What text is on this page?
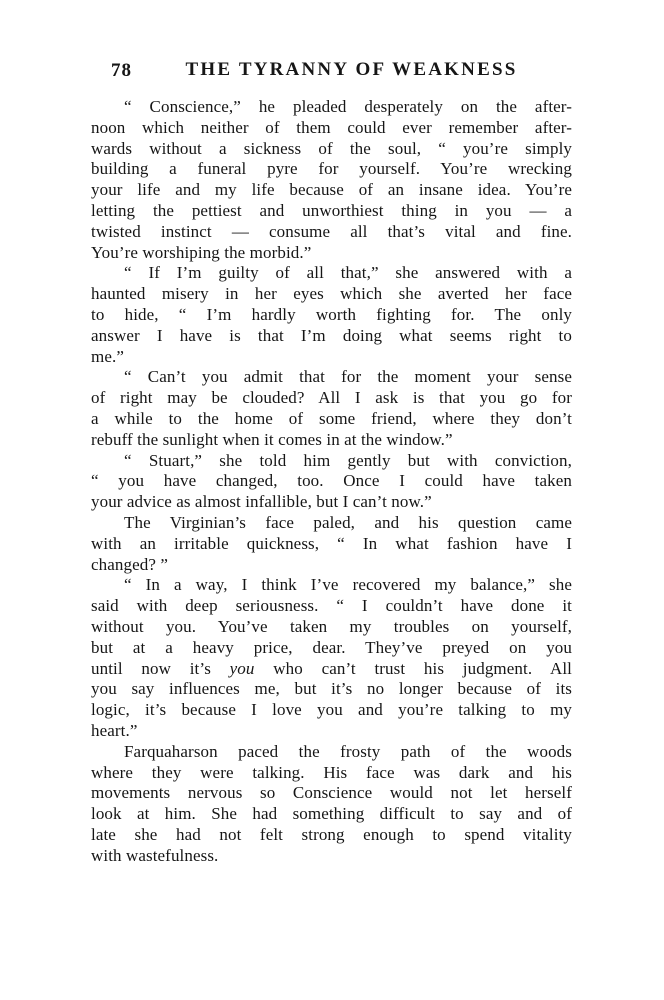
78	THE TYRANNY OF WEAKNESS
“ Conscience,” he pleaded desperately on the after-
noon which neither of them could ever remember after-
wards without a sickness of the soul, “ you’re simply
building a funeral pyre for yourself. You’re wrecking
your life and my life because of an insane idea. You’re
letting the pettiest and unworthiest thing in you — a
twisted instinct — consume all that’s vital and fine.
You’re worshiping the morbid.”
“ If I’m guilty of all that,” she answered with a
haunted misery in her eyes which she averted her face
to hide, “ I’m hardly worth fighting for. The only
answer I have is that I’m doing what seems right to
me.”
“ Can’t you admit that for the moment your sense
of right may be clouded? All I ask is that you go for
a while to the home of some friend, where they don’t
rebuff the sunlight when it comes in at the window.”
“ Stuart,” she told him gently but with conviction,
“ you have changed, too. Once I could have taken
your advice as almost infallible, but I can’t now.”
The Virginian’s face paled, and his question came
with an irritable quickness, “ In what fashion have I
changed? ”
“ In a way, I think I’ve recovered my balance,” she
said with deep seriousness. “ I couldn’t have done it
without you. You’ve taken my troubles on yourself,
but at a heavy price, dear. They’ve preyed on you
until now it’s you who can’t trust his judgment. All
you say influences me, but it’s no longer because of its
logic, it’s because I love you and you’re talking to my
heart.”
Farquaharson paced the frosty path of the woods
where they were talking. His face was dark and his
movements nervous so Conscience would not let herself
look at him. She had something difficult to say and of
late she had not felt strong enough to spend vitality
with wastefulness.
